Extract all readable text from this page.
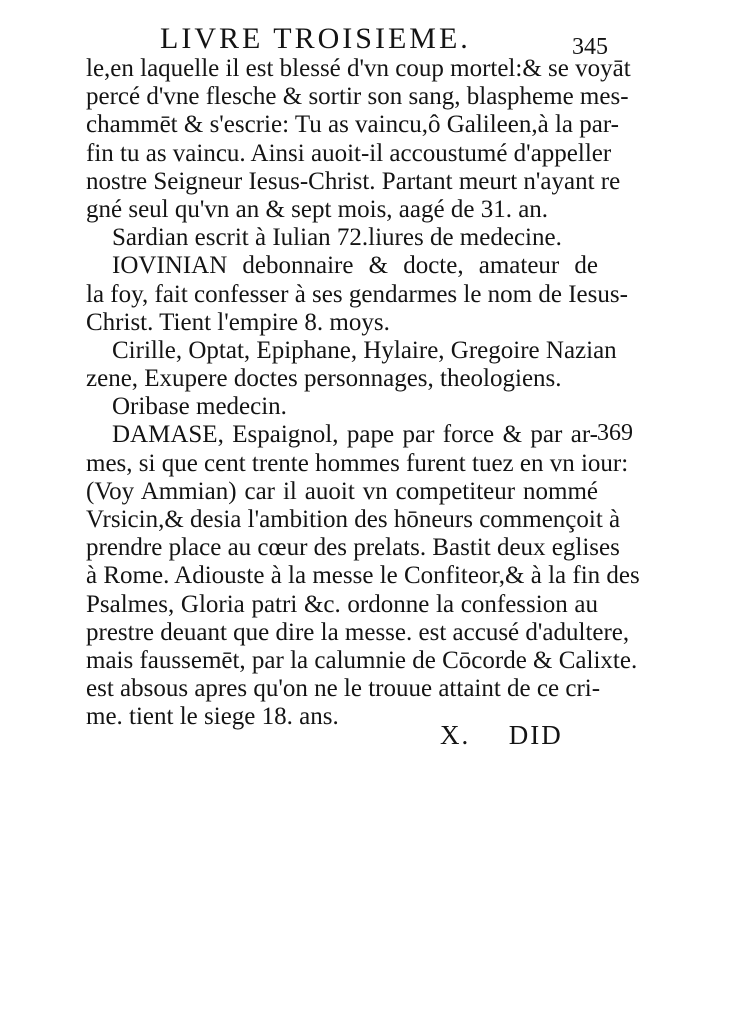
LIVRE TROISIEME.	345
le,en laquelle il est blessé d'vn coup mortel:& se voyāt
percé d'vne flesche & sortir son sang, blaspheme mes-
chammēt & s'escrie: Tu as vaincu,ô Galileen,à la par-
fin tu as vaincu. Ainsi auoit-il accoustumé d'appeller
nostre Seigneur Iesus-Christ. Partant meurt n'ayant re
gné seul qu'vn an & sept mois, aagé de 31. an.
Sardian escrit à Iulian 72.liures de medecine.
IOVINIAN debonnaire & docte, amateur de
la foy, fait confesser à ses gendarmes le nom de Iesus-
Christ. Tient l'empire 8. moys.
Cirille, Optat, Epiphane, Hylaire, Gregoire Nazian
zene, Exupere doctes personnages, theologiens.
Oribase medecin.
DAMASE, Espaignol, pape par force & par ar-
mes, si que cent trente hommes furent tuez en vn iour:
(Voy Ammian) car il auoit vn competiteur nommé
Vrsicin,& desia l'ambition des hōneurs commençoit à
prendre place au cœur des prelats. Bastit deux eglises
à Rome. Adiouste à la messe le Confiteor,& à la fin des
Psalmes, Gloria patri &c. ordonne la confession au
prestre deuant que dire la messe. est accusé d'adultere,
mais faussemēt, par la calumnie de Cōcorde & Calixte.
est absous apres qu'on ne le trouue attaint de ce cri-
me. tient le siege 18. ans.
369
X. DID
